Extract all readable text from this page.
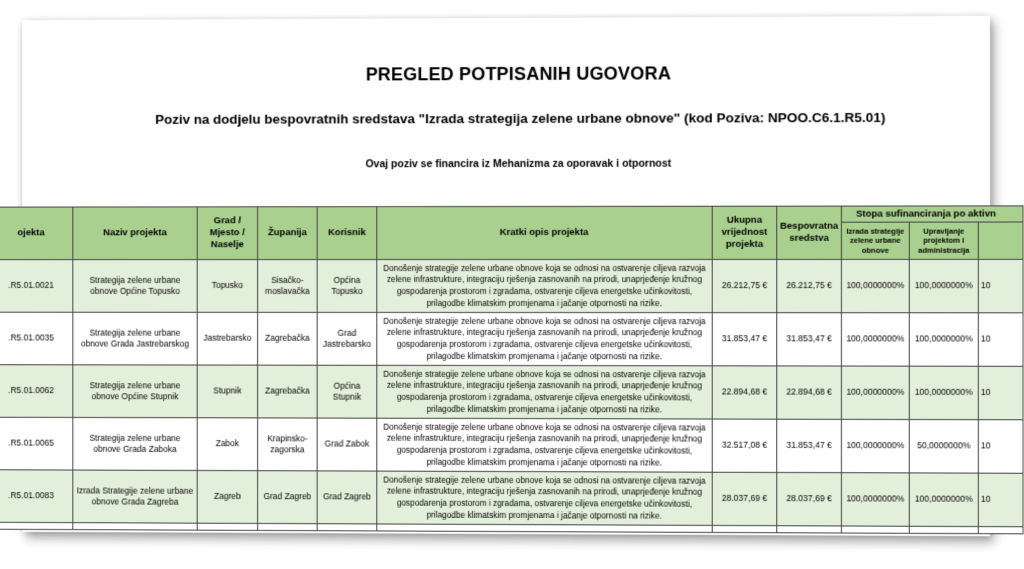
PREGLED POTPISANIH UGOVORA
Poziv na dodjelu bespovratnih sredstava "Izrada strategija zelene urbane obnove" (kod Poziva: NPOO.C6.1.R5.01)
Ovaj poziv se financira iz Mehanizma za oporavak i otpornost
ojekta	Naziv projekta	Grad / Mjesto / Naselje	Županija	Korisnik	Kratki opis projekta	Ukupna vrijednost projekta	Bespovratna sredstva	Stopa sufinanciranja po aktivn		
								Izrada strategije zelene urbane obnove	Upravljanje projektom i administracija	
.R5.01.0021	Strategija zelene urbane obnove Općine Topusko	Topusko	Sisačko-moslavačka	Općina Topusko	Donošenje strategije zelene urbane obnove koja se odnosi na ostvarenje ciljeva razvoja zelene infrastrukture, integraciju rješenja zasnovanih na prirodi, unaprjeđenje kružnog gospodarenja prostorom i zgradama, ostvarenje ciljeva energetske učinkovitosti, prilagodbe klimatskim promjenama i jačanje otpornosti na rizike.	26.212,75 €	26.212,75 €	100,0000000%	100,0000000%	10
.R5.01.0035	Strategija zelene urbane obnove Grada Jastrebarskog	Jastrebarsko	Zagrebačka	Grad Jastrebarsko	Donošenje strategije zelene urbane obnove koja se odnosi na ostvarenje ciljeva razvoja zelene infrastrukture, integraciju rješenja zasnovanih na prirodi, unaprjeđenje kružnog gospodarenja prostorom i zgradama, ostvarenje ciljeva energetske učinkovitosti, prilagodbe klimatskim promjenama i jačanje otpornosti na rizike.	31.853,47 €	31.853,47 €	100,0000000%	100,0000000%	10
.R5.01.0062	Strategija zelene urbane obnove Općine Stupnik	Stupnik	Zagrebačka	Općina Stupnik	Donošenje strategije zelene urbane obnove koja se odnosi na ostvarenje ciljeva razvoja zelene infrastrukture, integraciju rješenja zasnovanih na prirodi, unaprjeđenje kružnog gospodarenja prostorom i zgradama, ostvarenje ciljeva energetske učinkovitosti, prilagodbe klimatskim promjenama i jačanje otpornosti na rizike.	22.894,68 €	22.894,68 €	100,0000000%	100,0000000%	10
.R5.01.0065	Strategija zelene urbane obnove Grada Zaboka	Zabok	Krapinsko-zagorska	Grad Zabok	Donošenje strategije zelene urbane obnove koja se odnosi na ostvarenje ciljeva razvoja zelene infrastrukture, integraciju rješenja zasnovanih na prirodi, unaprjeđenje kružnog gospodarenja prostorom i zgradama, ostvarenje ciljeva energetske učinkovitosti, prilagodbe klimatskim promjenama i jačanje otpornosti na rizike.	32.517,08 €	31.853,47 €	100,0000000%	50,0000000%	10
.R5.01.0083	Izrada Strategije zelene urbane obnove Grada Zagreba	Zagreb	Grad Zagreb	Grad Zagreb	Donošenje strategije zelene urbane obnove koja se odnosi na ostvarenje ciljeva razvoja zelene infrastrukture, integraciju rješenja zasnovanih na prirodi, unaprjeđenje kružnog gospodarenja prostorom i zgradama, ostvarenje ciljeva energetske učinkovitosti, prilagodbe klimatskim promjenama i jačanje otpornosti na rizike.	28.037,69 €	28.037,69 €	100,0000000%	100,0000000%	10
